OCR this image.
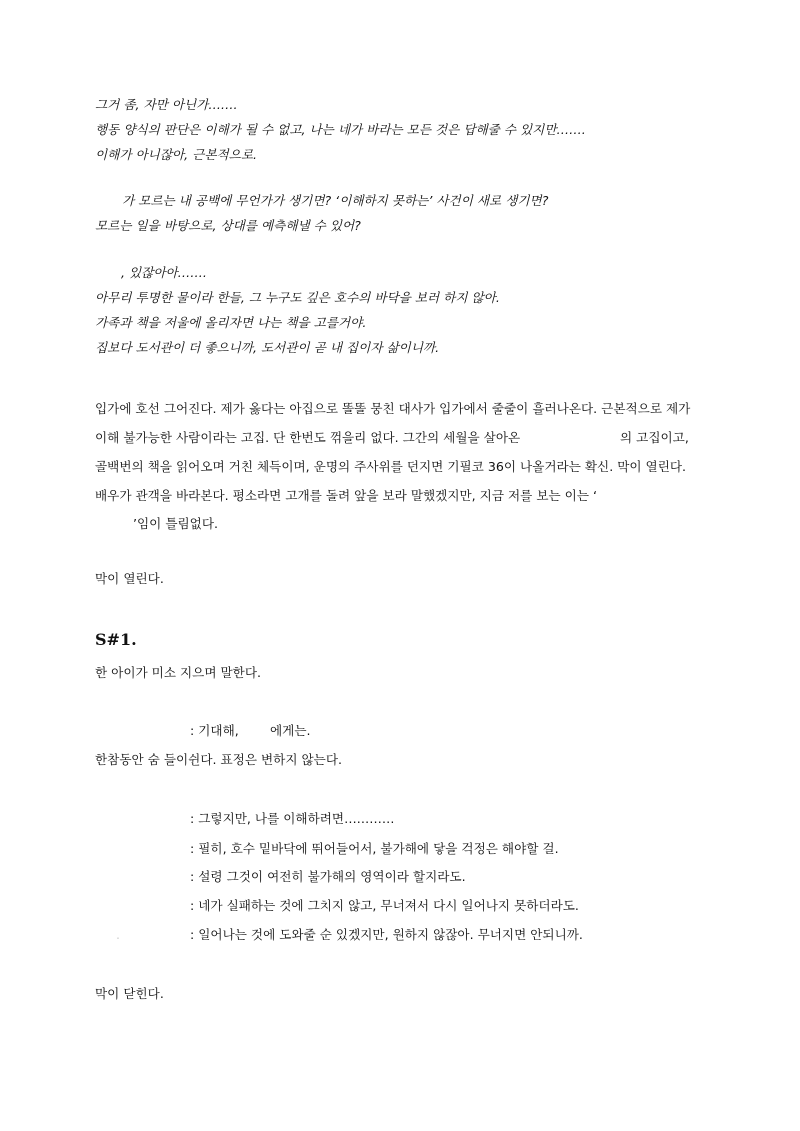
그거 좀, 자만 아닌가…….
행동 양식의 판단은 이해가 될 수 없고, 나는 네가 바라는 모든 것은 답해줄 수 있지만…….
이해가 아니잖아, 근본적으로.
가 모르는 내 공백에 무언가가 생기면? ‘이해하지 못하는’ 사건이 새로 생기면?
모르는 일을 바탕으로, 상대를 예측해낼 수 있어?
, 있잖아아…….
아무리 투명한 물이라 한들, 그 누구도 깊은 호수의 바닥을 보러 하지 않아.
가족과 책을 저울에 올리자면 나는 책을 고를거야.
집보다 도서관이 더 좋으니까, 도서관이 곧 내 집이자 삶이니까.
입가에 호선 그어진다. 제가 옳다는 아집으로 똘똘 뭉친 대사가 입가에서 줄줄이 흘러나온다. 근본적으로 제가
이해 불가능한 사람이라는 고집. 단 한번도 꺾을리 없다. 그간의 세월을 살아온	의 고집이고,
골백번의 책을 읽어오며 거친 체득이며, 운명의 주사위를 던지면 기필코 36이 나올거라는 확신. 막이 열린다.
배우가 관객을 바라본다. 평소라면 고개를 돌려 앞을 보라 말했겠지만, 지금 저를 보는 이는 ‘
’임이 틀림없다.
막이 열린다.
S#1.
한 아이가 미소 지으며 말한다.
: 기대해, 에게는.
한참동안 숨 들이쉰다. 표정은 변하지 않는다.
: 그렇지만, 나를 이해하려면…………
: 필히, 호수 밑바닥에 뛰어들어서, 불가해에 닿을 걱정은 해야할 걸.
: 설령 그것이 여전히 불가해의 영역이라 할지라도.
: 네가 실패하는 것에 그치지 않고, 무너져서 다시 일어나지 못하더라도.
.	: 일어나는 것에 도와줄 순 있겠지만, 원하지 않잖아. 무너지면 안되니까.
막이 닫힌다.
